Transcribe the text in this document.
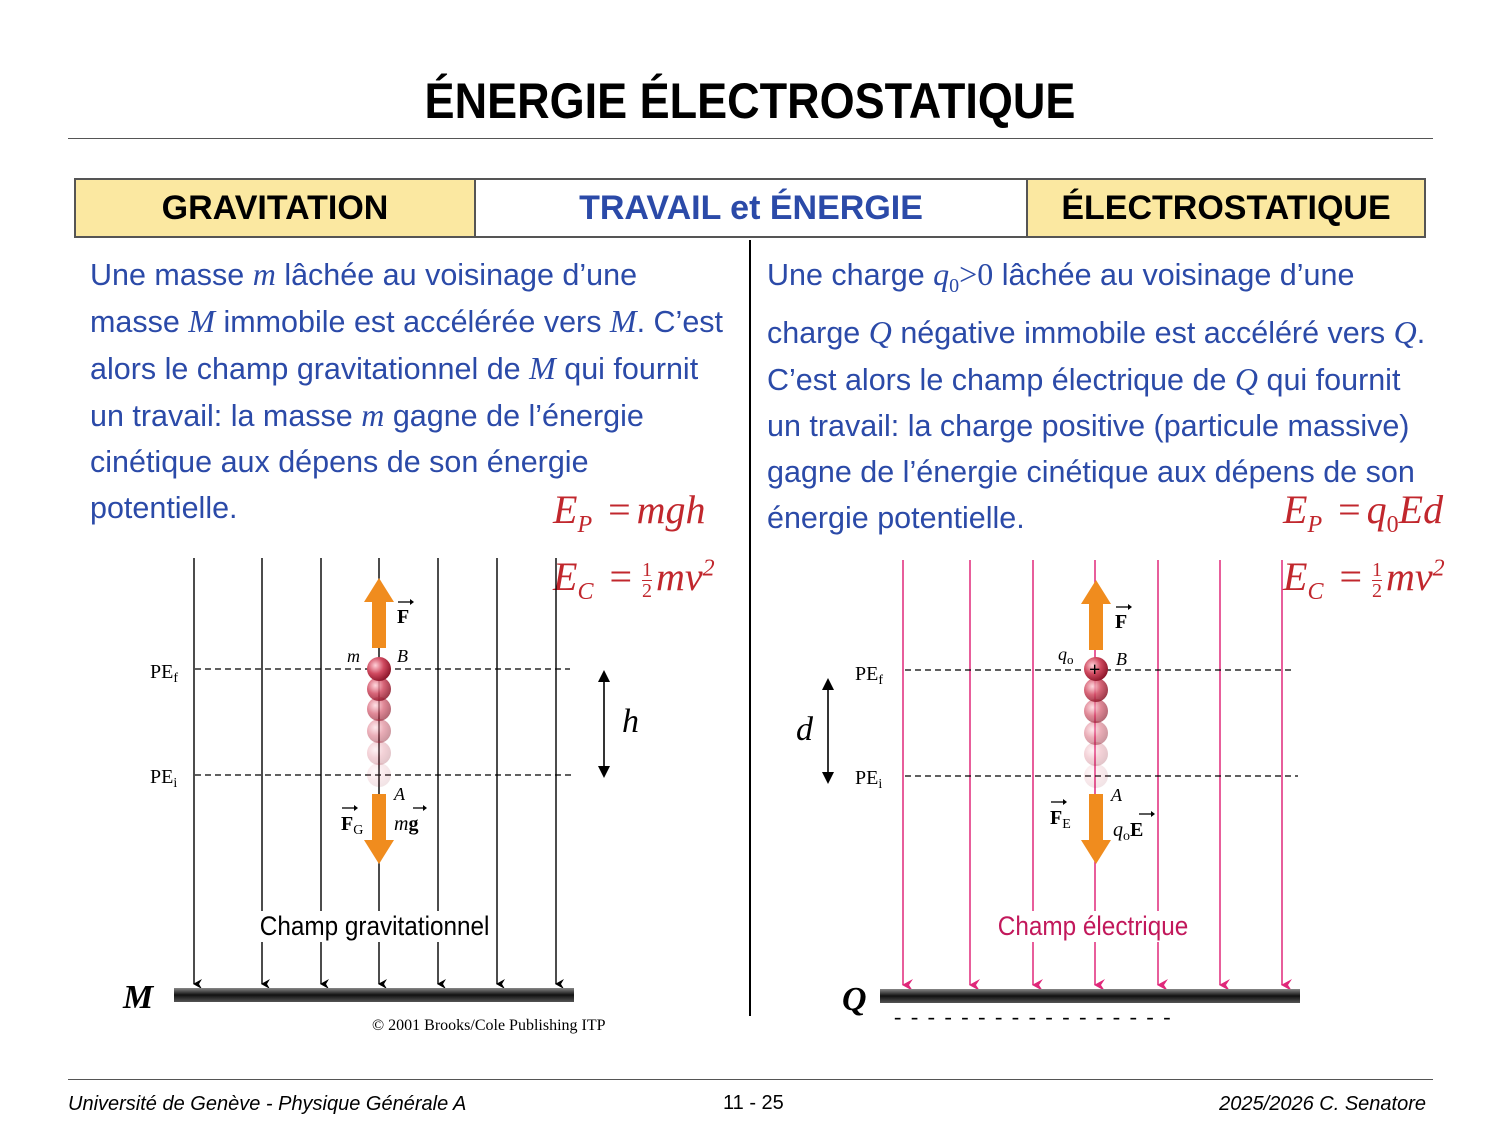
ÉNERGIE ÉLECTROSTATIQUE
GRAVITATION	TRAVAIL et ÉNERGIE	ÉLECTROSTATIQUE
Une masse m lâchée au voisinage d’une masse M immobile est accélérée vers M. C’est alors le champ gravitationnel de M qui fournit un travail: la masse m gagne de l’énergie cinétique aux dépens de son énergie potentielle.
Une charge $q_0>0$ lâchée au voisinage d’une charge Q négative immobile est accéléré vers Q. C’est alors le champ électrique de Q qui fournit un travail: la charge positive (particule massive) gagne de l’énergie cinétique aux dépens de son énergie potentielle.
$E_P$ = mgh
$E_C = \frac{1}{2} mv^2$
$E_P = q_0Ed$
$E_C = \frac{1}{2} mv^2$
$PE_f$
$PE_i$
m B
A
F
$F_G$ mg
h
M
© 2001 Brooks/Cole Publishing ITP
Champ gravitationnel
+
$PE_f$
$PE_i$
$q_o$ B
A
F
$F_E$ $q_oE$
d
Q - - - - - - - - - - - - - - - - -
Champ électrique
Université de Genève - Physique Générale A	11 - 25	2025/2026 C. Senatore
